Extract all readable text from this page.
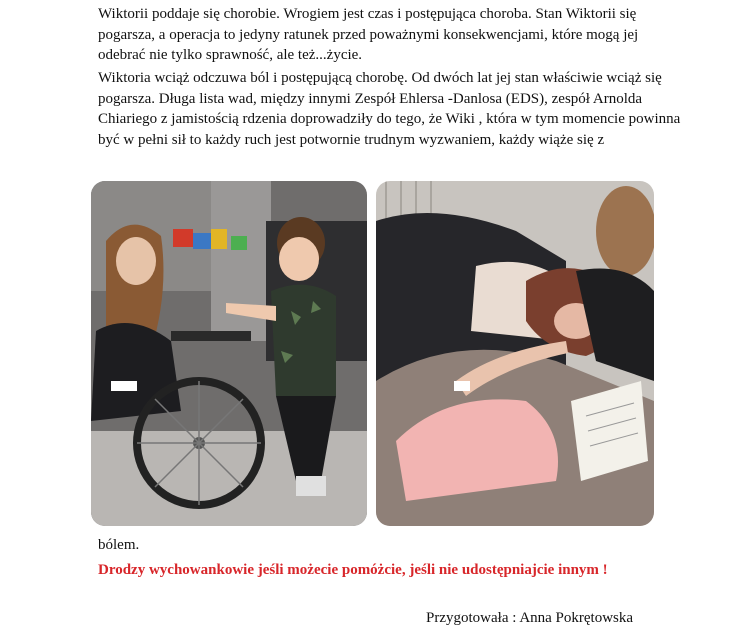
Wiktorii poddaje się chorobie. Wrogiem jest czas i postępująca choroba. Stan Wiktorii się pogarsza, a operacja to jedyny ratunek przed poważnymi konsekwencjami, które mogą jej odebrać nie tylko sprawność, ale też...życie.

Wiktoria wciąż odczuwa ból i postępującą chorobę. Od dwóch lat jej stan właściwie wciąż się pogarsza. Długa lista wad, między innymi Zespół Ehlersa -Danlosa (EDS), zespół Arnolda Chiariego z jamistością rdzenia doprowadziły do tego, że Wiki , która w tym momencie powinna być w pełni sił to każdy ruch jest potwornie trudnym wyzwaniem, każdy wiąże się z

bólem.

Drodzy wychowankowie jeśli możecie pomóżcie, jeśli nie udostępniajcie innym !

Przygotowała : Anna Pokrętowska
